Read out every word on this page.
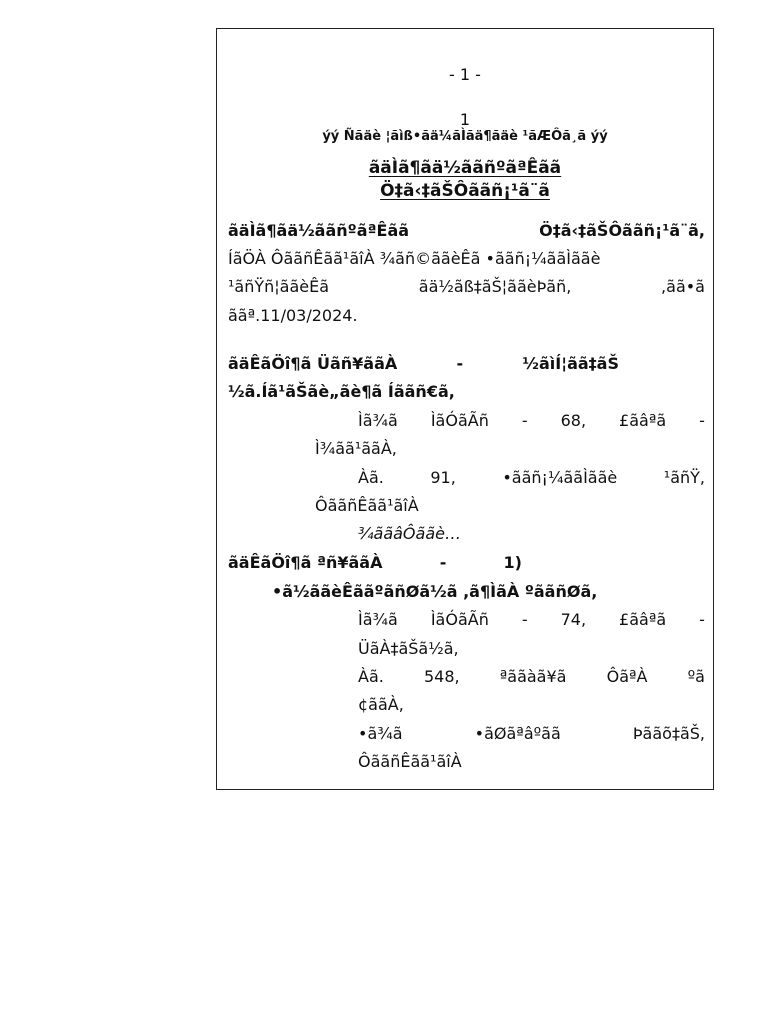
- 1 -
1
ýý Ñãäè ¦ãìß•ãä¼ãÌãä¶ãäè ¹ãÆÔã¸ã ýý
ãäÌã¶ãä½ããñºãªÊãã
Ö‡ã‹‡ãŠÔããñ¡¹ã¨ã
ãäÌã¶ãä½ããñºãªÊãã	Ö‡ã‹‡ãŠÔããñ¡¹ã¨ã,
ÍãÖÀ ÔããñÊãã¹ãîÀ ¾ãñ©ããèÊã •ããñ¡¼ããÌããè
¹ãñŸñ¦ããèÊã	ãä½ãß‡ãŠ¦ããèÞãñ,	,ãã•ã
ããª.11/03/2024.
ãäÊãÖî¶ã Üãñ¥ããÀ	-	½ãìÍ¦ãã‡ãŠ
½ã.Íã¹ãŠãè„ãè¶ã Íããñ€ã,
Ìã¾ã ÌãÓãÃñ - 68, £ãâªã -
Ì¾ãã¹ããÀ,
Àã.	91,	•ããñ¡¼ããÌããè	¹ãñŸ,
ÔããñÊãã¹ãîÀ
¾ããâÔããè…
ãäÊãÖî¶ã ªñ¥ããÀ	-	1)
•ã½ããèÊããºãñØã½ã ,ã¶ÌãÀ ºããñØã,
Ìã¾ã ÌãÓãÃñ - 74, £ãâªã -
ÜãÀ‡ãŠã½ã,
Àã.	548,	ªããàã¥ã	ÔãªÀ	ºã
¢ããÀ,
•ã¾ã	•ãØãªâºãã	Þããõ‡ãŠ,
ÔããñÊãã¹ãîÀ
